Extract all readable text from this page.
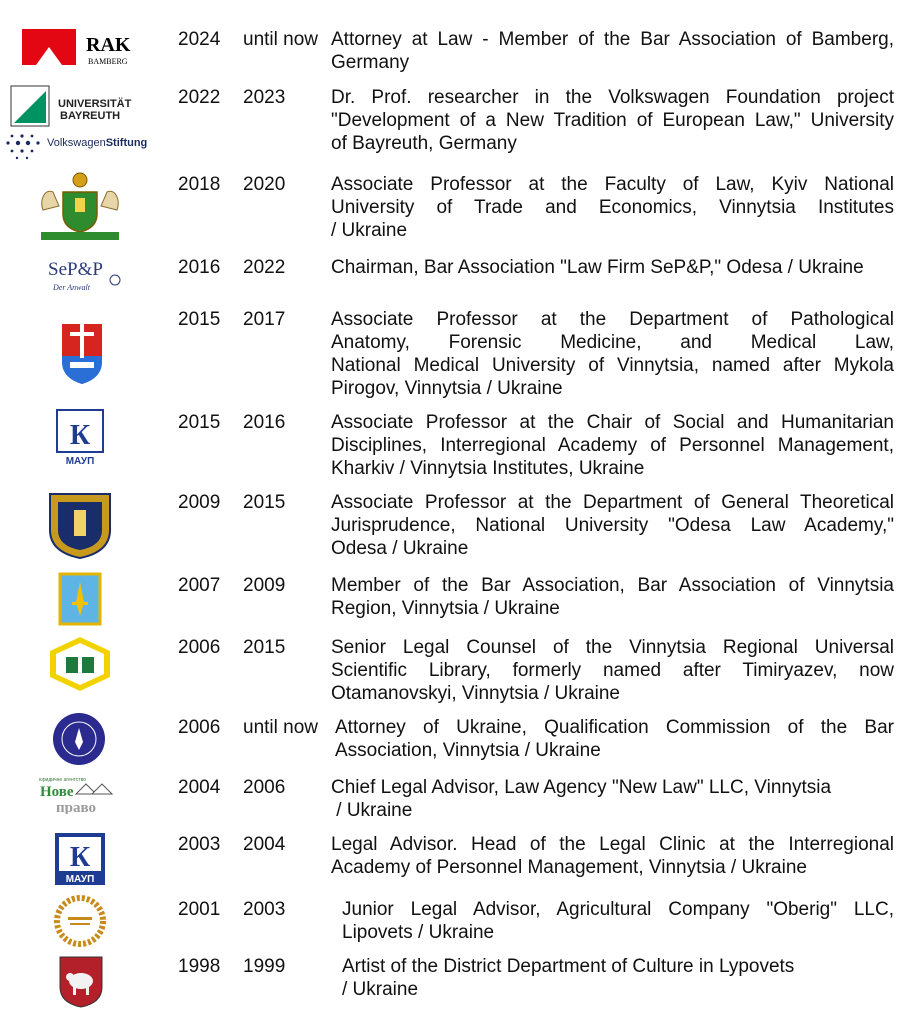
RAK
BAMBERG
UNIVERSITÄT
BAYREUTH
VolkswagenStiftung
SeP&P
Der Anwalt
К
МАУП
юридичне агентство
Нове
право
К
МАУП
2024 until now Attorney at Law - Member of the Bar Association of Bamberg,
Germany
2022 2023 Dr. Prof. researcher in the Volkswagen Foundation project
"Development of a New Tradition of European Law," University
of Bayreuth, Germany
2018 2020 Associate Professor at the Faculty of Law, Kyiv National
University of Trade and Economics, Vinnytsia Institutes
/ Ukraine
2016 2022 Chairman, Bar Association "Law Firm SeP&P," Odesa / Ukraine
2015 2017 Associate Professor at the Department of Pathological
Anatomy, Forensic Medicine, and Medical Law,
National Medical University of Vinnytsia, named after Mykola
Pirogov, Vinnytsia / Ukraine
2015 2016 Associate Professor at the Chair of Social and Humanitarian
Disciplines, Interregional Academy of Personnel Management,
Kharkiv / Vinnytsia Institutes, Ukraine
2009 2015 Associate Professor at the Department of General Theoretical
Jurisprudence, National University "Odesa Law Academy,"
Odesa / Ukraine
2007 2009 Member of the Bar Association, Bar Association of Vinnytsia
Region, Vinnytsia / Ukraine
2006 2015 Senior Legal Counsel of the Vinnytsia Regional Universal
Scientific Library, formerly named after Timiryazev, now
Otamanovskyi, Vinnytsia / Ukraine
2006 until now Attorney of Ukraine, Qualification Commission of the Bar
Association, Vinnytsia / Ukraine
2004 2006 Chief Legal Advisor, Law Agency "New Law" LLC, Vinnytsia
/ Ukraine
2003 2004 Legal Advisor. Head of the Legal Clinic at the Interregional
Academy of Personnel Management, Vinnytsia / Ukraine
2001 2003	Junior Legal Advisor, Agricultural Company "Oberig" LLC,
Lipovets / Ukraine
1998 1999	Artist of the District Department of Culture in Lypovets
/ Ukraine
